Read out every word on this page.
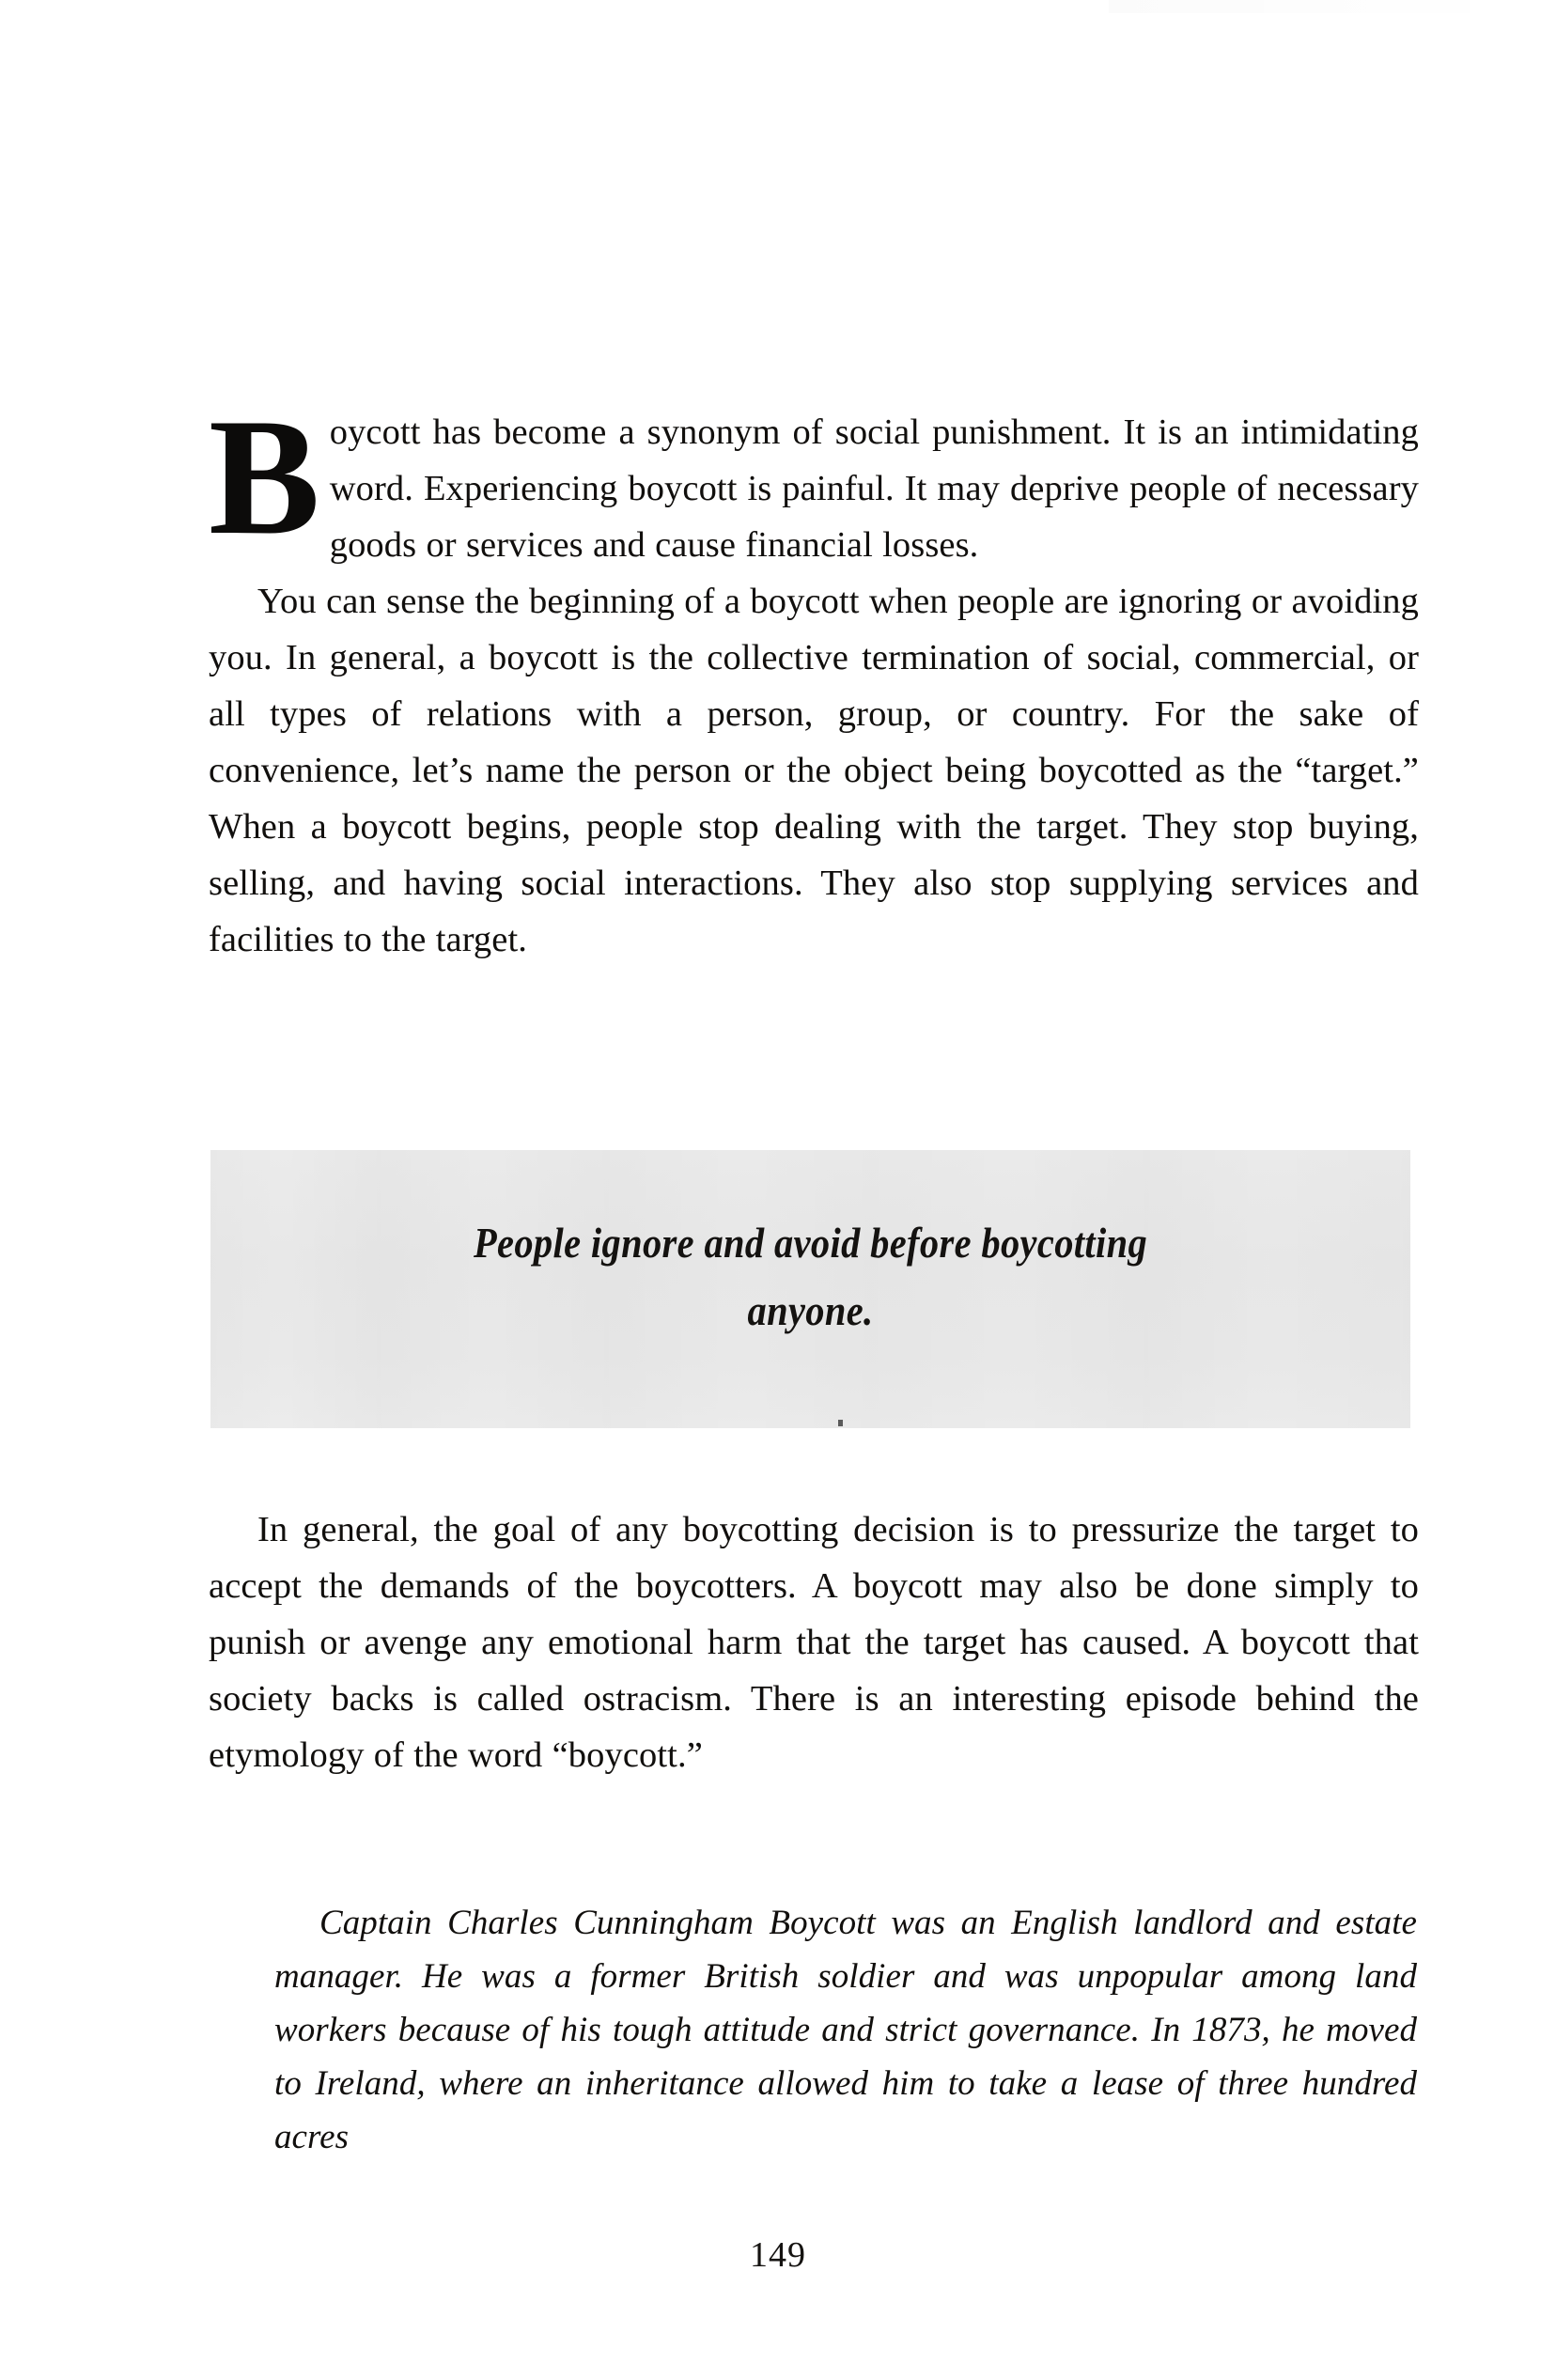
Boycott has become a synonym of social punishment. It is an intimidating word. Experiencing boycott is painful. It may deprive people of necessary goods or services and cause financial losses.

You can sense the beginning of a boycott when people are ignoring or avoiding you. In general, a boycott is the collective termination of social, commercial, or all types of relations with a person, group, or country. For the sake of convenience, let’s name the person or the object being boycotted as the “target.” When a boycott begins, people stop dealing with the target. They stop buying, selling, and having social interactions. They also stop supplying services and facilities to the target.

People ignore and avoid before boycotting
anyone.

In general, the goal of any boycotting decision is to pressurize the target to accept the demands of the boycotters. A boycott may also be done simply to punish or avenge any emotional harm that the target has caused. A boycott that society backs is called ostracism. There is an interesting episode behind the etymology of the word “boycott.”

Captain Charles Cunningham Boycott was an English landlord and estate manager. He was a former British soldier and was unpopular among land workers because of his tough attitude and strict governance. In 1873, he moved to Ireland, where an inheritance allowed him to take a lease of three hundred acres

149
